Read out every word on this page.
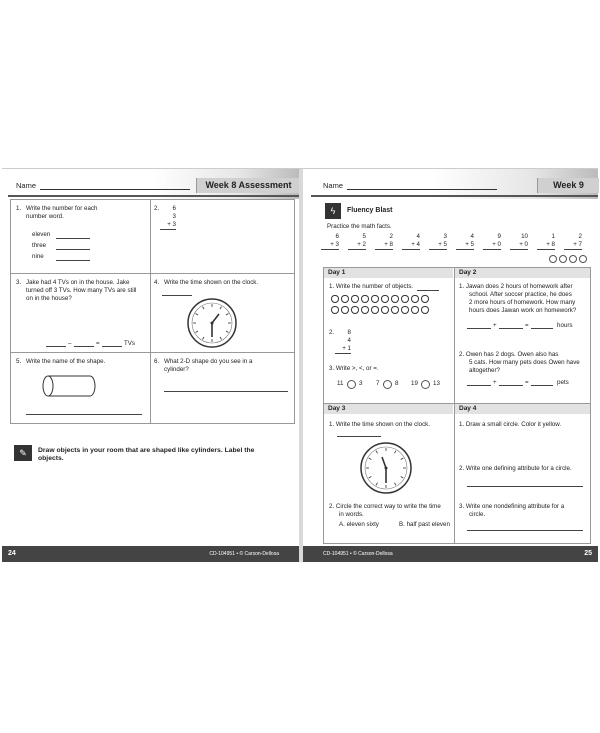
Name	Week 8 Assessment
1. Write the number for each
number word.
eleven
three
nine
2.	6
3
+ 3
3. Jake had 4 TVs on in the house. Jake
turned off 3 TVs. How many TVs are still
on in the house?
–	=	TVs
4. Write the time shown on the clock.
5. Write the name of the shape.	6. What 2-D shape do you see in a
cylinder?
✎	Draw objects in your room that are shaped like cylinders. Label the
objects.
24	CD-104951 • © Carson-Dellosa
Name	Week 9
ϟ	Fluency Blast
Practice the math facts.
6
+ 3
5
+ 2
2
+ 8
4
+ 4
3
+ 5
4
+ 5
9
+ 0
10
+ 0
1
+ 8
2
+ 7
Day 1	Day 2
Day 3	Day 4
1. Write the number of objects.
2.	8
4
+ 1
3. Write >, <, or =.
11	3 7	8 19 13
1. Jawan does 2 hours of homework after
school. After soccer practice, he does
2 more hours of homework. How many
hours does Jawan work on homework?
+	=	hours
2. Owen has 2 dogs. Owen also has
5 cats. How many pets does Owen have
altogether?
+	=	pets
1. Write the time shown on the clock.
2. Circle the correct way to write the time
in words.
A. eleven sixty	B. half past eleven
1. Draw a small circle. Color it yellow.
2. Write one defining attribute for a circle.
3. Write one nondefining attribute for a
circle.
CD-104951 • © Carson-Dellosa	25
